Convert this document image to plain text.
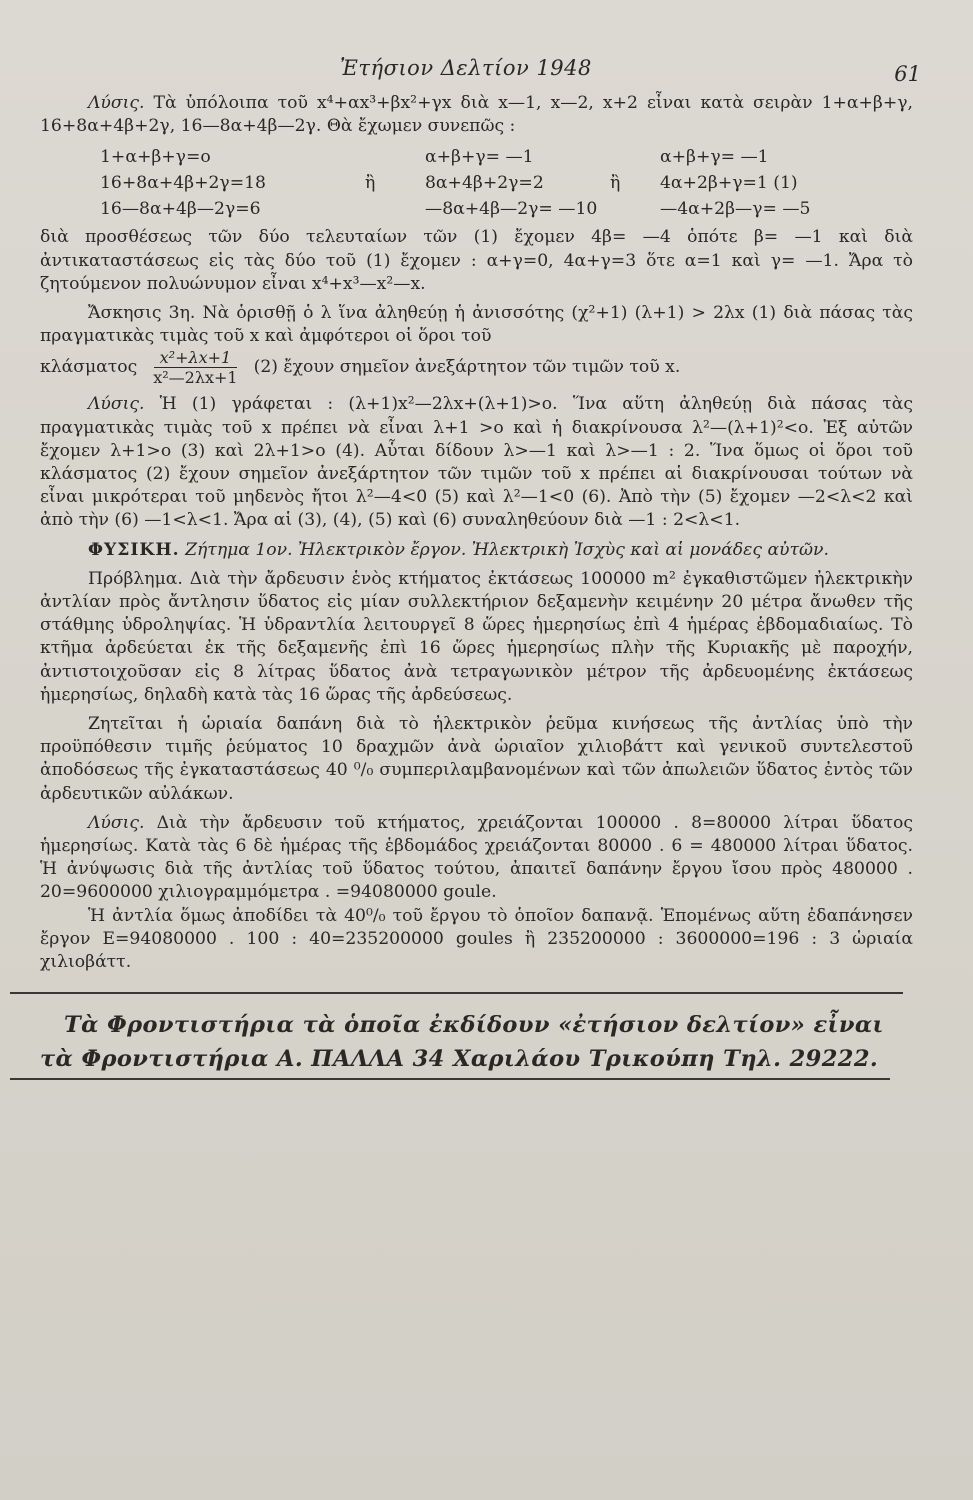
Ἐτήσιον Δελτίον 1948	61

Λύσις. Τὰ ὑπόλοιπα τοῦ x⁴+αx³+βx²+γx διὰ x—1, x—2, x+2 εἶναι κατὰ σειρὰν 1+α+β+γ, 16+8α+4β+2γ, 16—8α+4β—2γ. Θὰ ἔχωμεν συνεπῶς :

1+α+β+γ=ο	α+β+γ= —1	α+β+γ= —1
16+8α+4β+2γ=18	ἢ	8α+4β+2γ=2	ἢ	4α+2β+γ=1 (1)
16—8α+4β—2γ=6	—8α+4β—2γ= —10	—4α+2β—γ= —5

διὰ προσθέσεως τῶν δύο τελευταίων τῶν (1) ἔχομεν 4β= —4 ὁπότε β= —1 καὶ διὰ ἀντικαταστάσεως εἰς τὰς δύο τοῦ (1) ἔχομεν : α+γ=0, 4α+γ=3 ὅτε α=1 καὶ γ= —1. Ἄρα τὸ ζητούμενον πολυώνυμον εἶναι x⁴+x³—x²—x.

Ἄσκησις 3η. Νὰ ὁρισθῇ ὁ λ ἵνα ἀληθεύῃ ἡ ἀνισσότης (χ²+1) (λ+1) > 2λx (1) διὰ πάσας τὰς πραγματικὰς τιμὰς τοῦ x καὶ ἀμφότεροι οἱ ὅροι τοῦ

κλάσματος $\frac{\text{x²+λx+1}}{\text{x²—2λx+1}} (2)$ ἔχουν σημεῖον ἀνεξάρτητον τῶν τιμῶν τοῦ x.

Λύσις. Ἡ (1) γράφεται : (λ+1)x²—2λx+(λ+1)>ο. Ἵνα αὕτη ἀληθεύῃ διὰ πάσας τὰς πραγματικὰς τιμὰς τοῦ x πρέπει νὰ εἶναι λ+1 >ο καὶ ἡ διακρίνουσα λ²—(λ+1)²<ο. Ἐξ αὐτῶν ἔχομεν λ+1>ο (3) καὶ 2λ+1>ο (4). Αὗται δίδουν λ>—1 καὶ λ>—1 : 2. Ἵνα ὅμως οἱ ὅροι τοῦ κλάσματος (2) ἔχουν σημεῖον ἀνεξάρτητον τῶν τιμῶν τοῦ x πρέπει αἱ διακρίνουσαι τούτων νὰ εἶναι μικρότεραι τοῦ μηδενὸς ἤτοι λ²—4<0 (5) καὶ λ²—1<0 (6). Ἀπὸ τὴν (5) ἔχομεν —2<λ<2 καὶ ἀπὸ τὴν (6) —1<λ<1. Ἄρα αἱ (3), (4), (5) καὶ (6) συναληθεύουν διὰ —1 : 2<λ<1.

ΦΥΣΙΚΗ. Ζήτημα 1ον. Ἠλεκτρικὸν ἔργον. Ἠλεκτρικὴ Ἰσχὺς καὶ αἱ μονάδες αὐτῶν.

Πρόβλημα. Διὰ τὴν ἄρδευσιν ἑνὸς κτήματος ἐκτάσεως 100000 m² ἐγκαθιστῶμεν ἠλεκτρικὴν ἀντλίαν πρὸς ἄντλησιν ὕδατος εἰς μίαν συλλεκτήριον δεξαμενὴν κειμένην 20 μέτρα ἄνωθεν τῆς στάθμης ὑδροληψίας. Ἡ ὑδραντλία λειτουργεῖ 8 ὥρες ἡμερησίως ἐπὶ 4 ἡμέρας ἑβδομαδιαίως. Τὸ κτῆμα ἀρδεύεται ἐκ τῆς δεξαμενῆς ἐπὶ 16 ὥρες ἡμερησίως πλὴν τῆς Κυριακῆς μὲ παροχήν, ἀντιστοιχοῦσαν εἰς 8 λίτρας ὕδατος ἀνὰ τετραγωνικὸν μέτρον τῆς ἀρδευομένης ἐκτάσεως ἡμερησίως, δηλαδὴ κατὰ τὰς 16 ὥρας τῆς ἀρδεύσεως.

Ζητεῖται ἡ ὡριαία δαπάνη διὰ τὸ ἠλεκτρικὸν ῥεῦμα κινήσεως τῆς ἀντλίας ὑπὸ τὴν προϋπόθεσιν τιμῆς ῥεύματος 10 δραχμῶν ἀνὰ ὡριαῖον χιλιοβάττ καὶ γενικοῦ συντελεστοῦ ἀποδόσεως τῆς ἐγκαταστάσεως 40 ⁰/₀ συμπεριλαμβανομένων καὶ τῶν ἀπωλειῶν ὕδατος ἐντὸς τῶν ἀρδευτικῶν αὐλάκων.

Λύσις. Διὰ τὴν ἄρδευσιν τοῦ κτήματος, χρειάζονται 100000 . 8=80000 λίτραι ὕδατος ἡμερησίως. Κατὰ τὰς 6 δὲ ἡμέρας τῆς ἑβδομάδος χρειάζονται 80000 . 6 = 480000 λίτραι ὕδατος. Ἡ ἀνύψωσις διὰ τῆς ἀντλίας τοῦ ὕδατος τούτου, ἀπαιτεῖ δαπάνην ἔργου ἴσου πρὸς 480000 . 20=9600000 χιλιογραμμόμετρα . =94080000 goule.

Ἡ ἀντλία ὅμως ἀποδίδει τὰ 40⁰/₀ τοῦ ἔργου τὸ ὁποῖον δαπανᾷ. Ἑπομένως αὕτη ἐδαπάνησεν ἔργον Ε=94080000 . 100 : 40=235200000 goules ἢ 235200000 : 3600000=196 : 3 ὡριαία χιλιοβάττ.

Τὰ Φροντιστήρια τὰ ὁποῖα ἐκδίδουν «ἐτήσιον δελτίον» εἶναι
τὰ Φροντιστήρια Α. ΠΑΛΛΑ 34 Χαριλάου Τρικούπη Τηλ. 29222.
